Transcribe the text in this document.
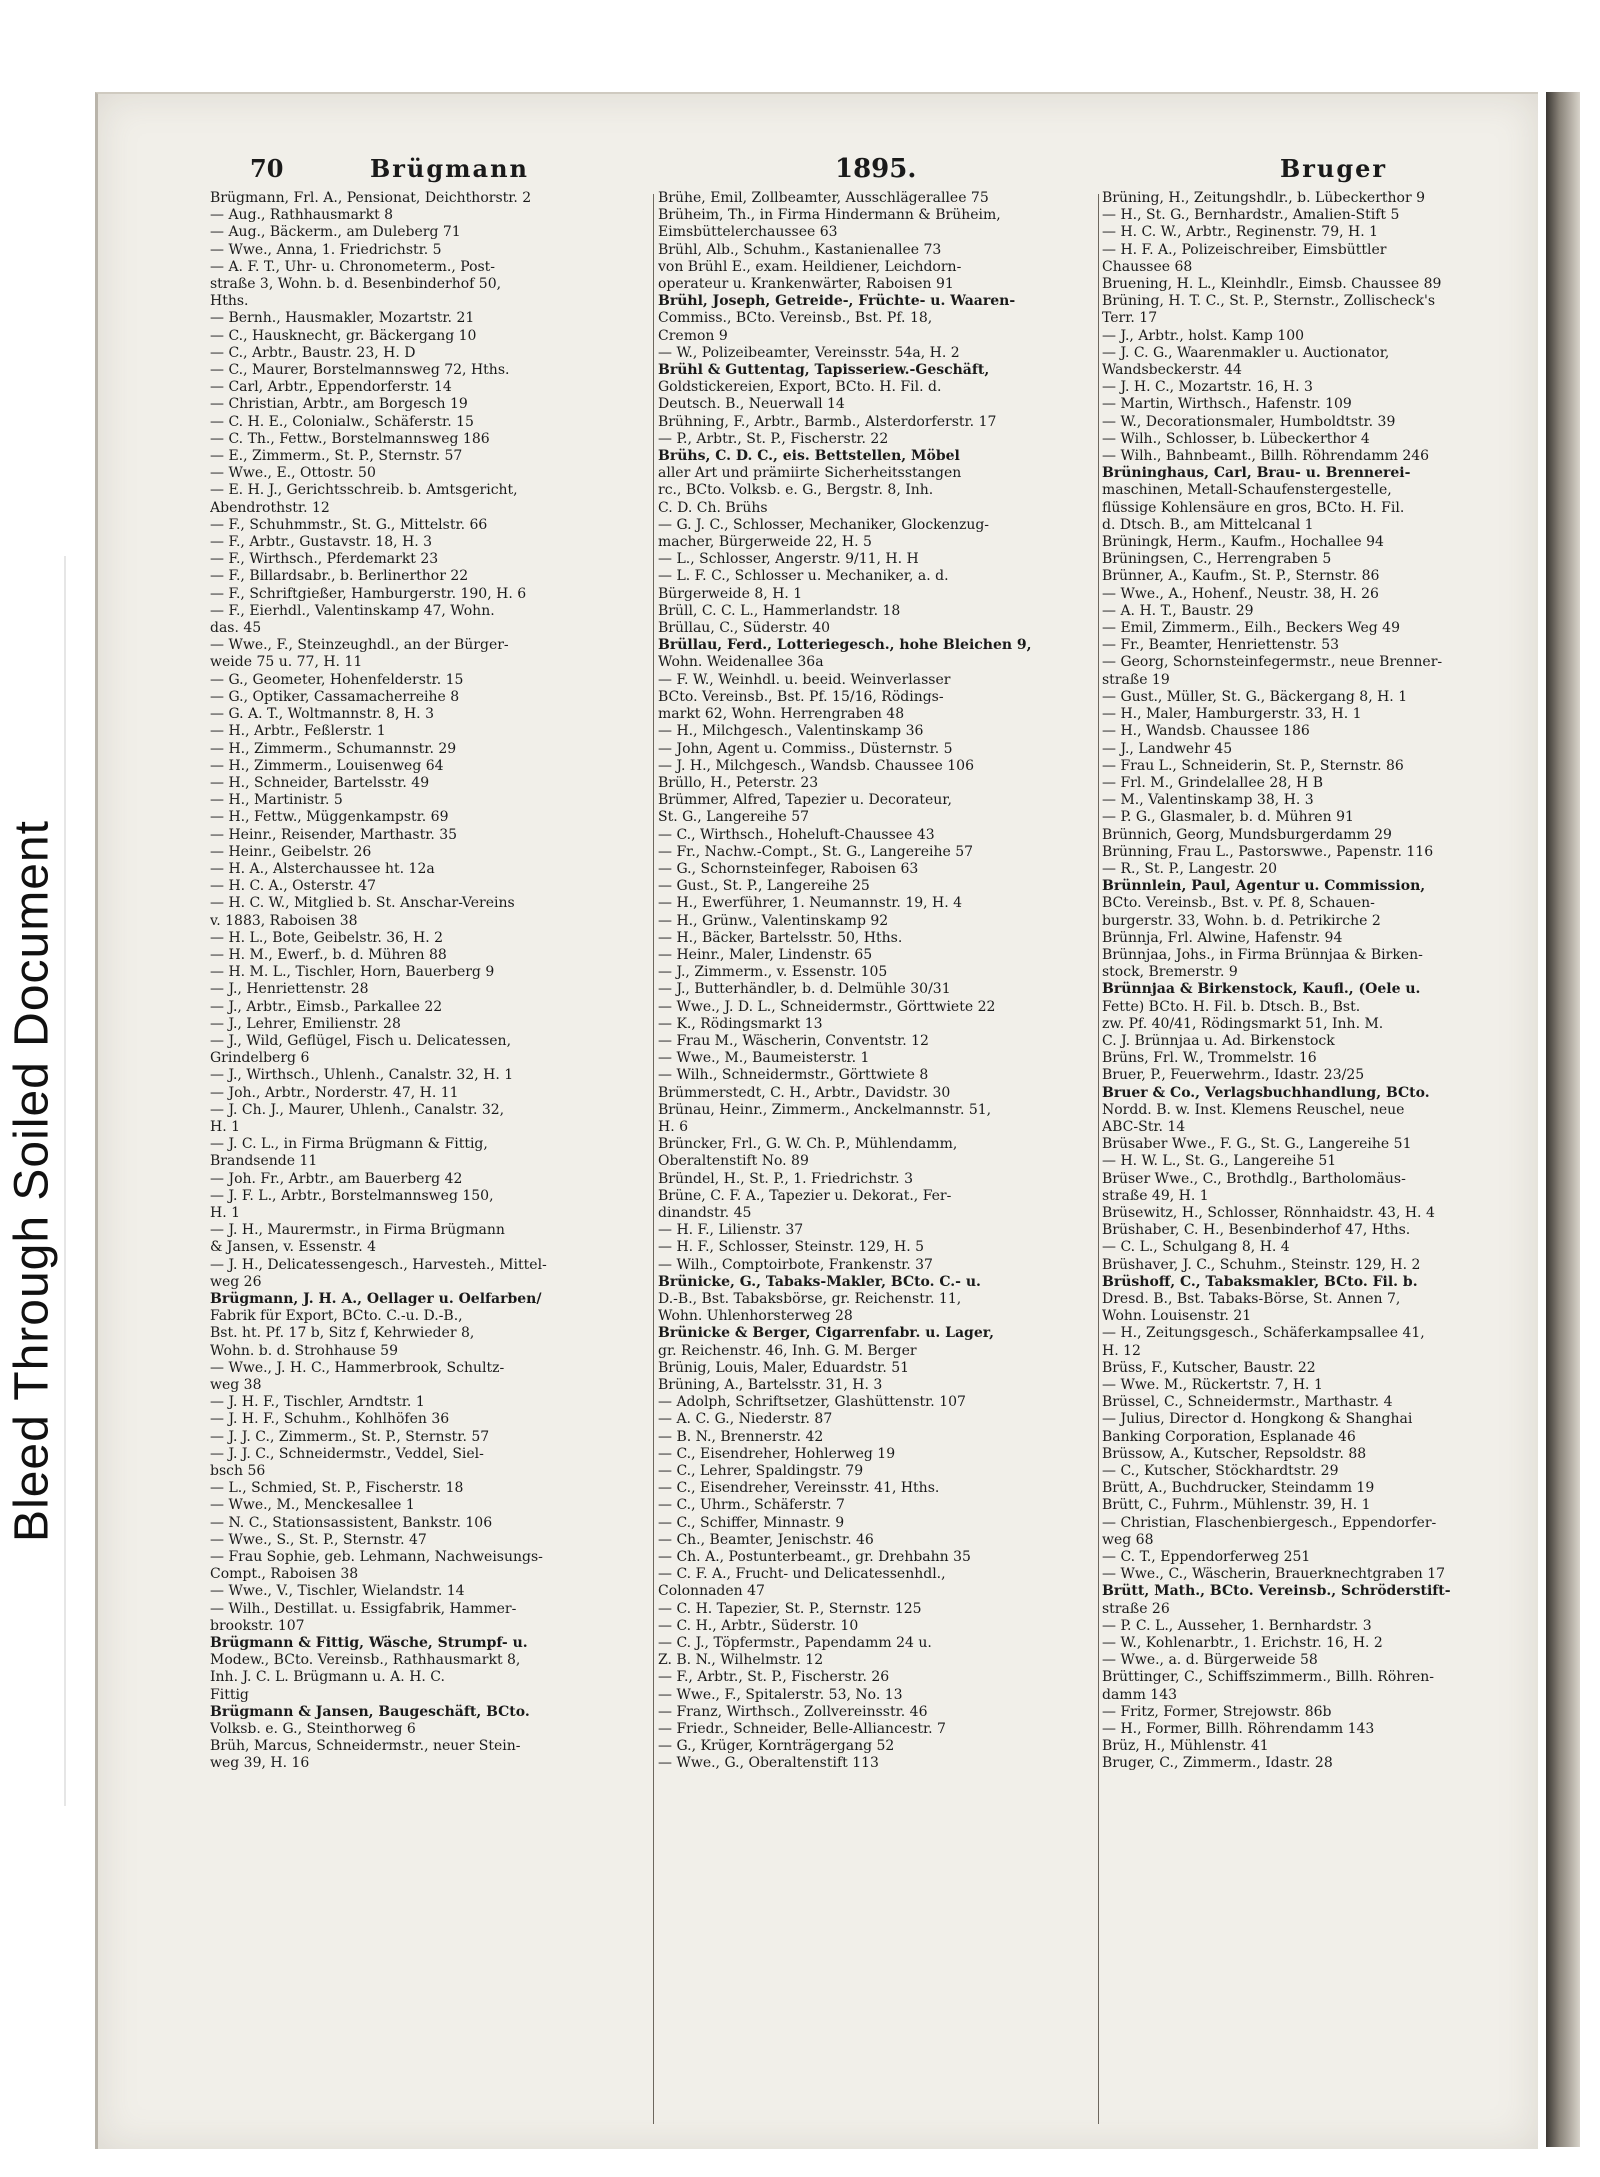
Bleed Through Soiled Document
70	Brügmann	1895.	Bruger

Brügmann, Frl. A., Pensionat, Deichthorstr. 2

— Aug., Rathhausmarkt 8

— Aug., Bäckerm., am Duleberg 71

— Wwe., Anna, 1. Friedrichstr. 5

— A. F. T., Uhr- u. Chronometerm., Post-

straße 3, Wohn. b. d. Besenbinderhof 50,

Hths.

— Bernh., Hausmakler, Mozartstr. 21

— C., Hausknecht, gr. Bäckergang 10

— C., Arbtr., Baustr. 23, H. D

— C., Maurer, Borstelmannsweg 72, Hths.

— Carl, Arbtr., Eppendorferstr. 14

— Christian, Arbtr., am Borgesch 19

— C. H. E., Colonialw., Schäferstr. 15

— C. Th., Fettw., Borstelmannsweg 186

— E., Zimmerm., St. P., Sternstr. 57

— Wwe., E., Ottostr. 50

— E. H. J., Gerichtsschreib. b. Amtsgericht,

Abendrothstr. 12

— F., Schuhmmstr., St. G., Mittelstr. 66

— F., Arbtr., Gustavstr. 18, H. 3

— F., Wirthsch., Pferdemarkt 23

— F., Billardsabr., b. Berlinerthor 22

— F., Schriftgießer, Hamburgerstr. 190, H. 6

— F., Eierhdl., Valentinskamp 47, Wohn.

das. 45

— Wwe., F., Steinzeughdl., an der Bürger-

weide 75 u. 77, H. 11

— G., Geometer, Hohenfelderstr. 15

— G., Optiker, Cassamacherreihe 8

— G. A. T., Woltmannstr. 8, H. 3

— H., Arbtr., Feßlerstr. 1

— H., Zimmerm., Schumannstr. 29

— H., Zimmerm., Louisenweg 64

— H., Schneider, Bartelsstr. 49

— H., Martinistr. 5

— H., Fettw., Müggenkampstr. 69

— Heinr., Reisender, Marthastr. 35

— Heinr., Geibelstr. 26

— H. A., Alsterchaussee ht. 12a

— H. C. A., Osterstr. 47

— H. C. W., Mitglied b. St. Anschar-Vereins

v. 1883, Raboisen 38

— H. L., Bote, Geibelstr. 36, H. 2

— H. M., Ewerf., b. d. Mühren 88

— H. M. L., Tischler, Horn, Bauerberg 9

— J., Henriettenstr. 28

— J., Arbtr., Eimsb., Parkallee 22

— J., Lehrer, Emilienstr. 28

— J., Wild, Geflügel, Fisch u. Delicatessen,

Grindelberg 6

— J., Wirthsch., Uhlenh., Canalstr. 32, H. 1

— Joh., Arbtr., Norderstr. 47, H. 11

— J. Ch. J., Maurer, Uhlenh., Canalstr. 32,

H. 1

— J. C. L., in Firma Brügmann & Fittig,

Brandsende 11

— Joh. Fr., Arbtr., am Bauerberg 42

— J. F. L., Arbtr., Borstelmannsweg 150,

H. 1

— J. H., Maurermstr., in Firma Brügmann

& Jansen, v. Essenstr. 4

— J. H., Delicatessengesch., Harvesteh., Mittel-

weg 26

Brügmann, J. H. A., Oellager u. Oelfarben/

Fabrik für Export, BCto. C.-u. D.-B.,

Bst. ht. Pf. 17 b, Sitz f, Kehrwieder 8,

Wohn. b. d. Strohhause 59

— Wwe., J. H. C., Hammerbrook, Schultz-

weg 38

— J. H. F., Tischler, Arndtstr. 1

— J. H. F., Schuhm., Kohlhöfen 36

— J. J. C., Zimmerm., St. P., Sternstr. 57

— J. J. C., Schneidermstr., Veddel, Siel-

bsch 56

— L., Schmied, St. P., Fischerstr. 18

— Wwe., M., Menckesallee 1

— N. C., Stationsassistent, Bankstr. 106

— Wwe., S., St. P., Sternstr. 47

— Frau Sophie, geb. Lehmann, Nachweisungs-

Compt., Raboisen 38

— Wwe., V., Tischler, Wielandstr. 14

— Wilh., Destillat. u. Essigfabrik, Hammer-

brookstr. 107

Brügmann & Fittig, Wäsche, Strumpf- u.

Modew., BCto. Vereinsb., Rathhausmarkt 8,

Inh. J. C. L. Brügmann u. A. H. C.

Fittig

Brügmann & Jansen, Baugeschäft, BCto.

Volksb. e. G., Steinthorweg 6

Brüh, Marcus, Schneidermstr., neuer Stein-

weg 39, H. 16

Brühe, Emil, Zollbeamter, Ausschlägerallee 75

Brüheim, Th., in Firma Hindermann & Brüheim,

Eimsbüttelerchaussee 63

Brühl, Alb., Schuhm., Kastanienallee 73

von Brühl E., exam. Heildiener, Leichdorn-

operateur u. Krankenwärter, Raboisen 91

Brühl, Joseph, Getreide-, Früchte- u. Waaren-

Commiss., BCto. Vereinsb., Bst. Pf. 18,

Cremon 9

— W., Polizeibeamter, Vereinsstr. 54a, H. 2

Brühl & Guttentag, Tapisseriew.-Geschäft,

Goldstickereien, Export, BCto. H. Fil. d.

Deutsch. B., Neuerwall 14

Brühning, F., Arbtr., Barmb., Alsterdorferstr. 17

— P., Arbtr., St. P., Fischerstr. 22

Brühs, C. D. C., eis. Bettstellen, Möbel

aller Art und prämiirte Sicherheitsstangen

rc., BCto. Volksb. e. G., Bergstr. 8, Inh.

C. D. Ch. Brühs

— G. J. C., Schlosser, Mechaniker, Glockenzug-

macher, Bürgerweide 22, H. 5

— L., Schlosser, Angerstr. 9/11, H. H

— L. F. C., Schlosser u. Mechaniker, a. d.

Bürgerweide 8, H. 1

Brüll, C. C. L., Hammerlandstr. 18

Brüllau, C., Süderstr. 40

Brüllau, Ferd., Lotteriegesch., hohe Bleichen 9,

Wohn. Weidenallee 36a

— F. W., Weinhdl. u. beeid. Weinverlasser

BCto. Vereinsb., Bst. Pf. 15/16, Rödings-

markt 62, Wohn. Herrengraben 48

— H., Milchgesch., Valentinskamp 36

— John, Agent u. Commiss., Düsternstr. 5

— J. H., Milchgesch., Wandsb. Chaussee 106

Brüllo, H., Peterstr. 23

Brümmer, Alfred, Tapezier u. Decorateur,

St. G., Langereihe 57

— C., Wirthsch., Hoheluft-Chaussee 43

— Fr., Nachw.-Compt., St. G., Langereihe 57

— G., Schornsteinfeger, Raboisen 63

— Gust., St. P., Langereihe 25

— H., Ewerführer, 1. Neumannstr. 19, H. 4

— H., Grünw., Valentinskamp 92

— H., Bäcker, Bartelsstr. 50, Hths.

— Heinr., Maler, Lindenstr. 65

— J., Zimmerm., v. Essenstr. 105

— J., Butterhändler, b. d. Delmühle 30/31

— Wwe., J. D. L., Schneidermstr., Görttwiete 22

— K., Rödingsmarkt 13

— Frau M., Wäscherin, Conventstr. 12

— Wwe., M., Baumeisterstr. 1

— Wilh., Schneidermstr., Görttwiete 8

Brümmerstedt, C. H., Arbtr., Davidstr. 30

Brünau, Heinr., Zimmerm., Anckelmannstr. 51,

H. 6

Brüncker, Frl., G. W. Ch. P., Mühlendamm,

Oberaltenstift No. 89

Bründel, H., St. P., 1. Friedrichstr. 3

Brüne, C. F. A., Tapezier u. Dekorat., Fer-

dinandstr. 45

— H. F., Lilienstr. 37

— H. F., Schlosser, Steinstr. 129, H. 5

— Wilh., Comptoirbote, Frankenstr. 37

Brünicke, G., Tabaks-Makler, BCto. C.- u.

D.-B., Bst. Tabaksbörse, gr. Reichenstr. 11,

Wohn. Uhlenhorsterweg 28

Brünicke & Berger, Cigarrenfabr. u. Lager,

gr. Reichenstr. 46, Inh. G. M. Berger

Brünig, Louis, Maler, Eduardstr. 51

Brüning, A., Bartelsstr. 31, H. 3

— Adolph, Schriftsetzer, Glashüttenstr. 107

— A. C. G., Niederstr. 87

— B. N., Brennerstr. 42

— C., Eisendreher, Hohlerweg 19

— C., Lehrer, Spaldingstr. 79

— C., Eisendreher, Vereinsstr. 41, Hths.

— C., Uhrm., Schäferstr. 7

— C., Schiffer, Minnastr. 9

— Ch., Beamter, Jenischstr. 46

— Ch. A., Postunterbeamt., gr. Drehbahn 35

— C. F. A., Frucht- und Delicatessenhdl.,

Colonnaden 47

— C. H. Tapezier, St. P., Sternstr. 125

— C. H., Arbtr., Süderstr. 10

— C. J., Töpfermstr., Papendamm 24 u.

Z. B. N., Wilhelmstr. 12

— F., Arbtr., St. P., Fischerstr. 26

— Wwe., F., Spitalerstr. 53, No. 13

— Franz, Wirthsch., Zollvereinsstr. 46

— Friedr., Schneider, Belle-Alliancestr. 7

— G., Krüger, Kornträgergang 52

— Wwe., G., Oberaltenstift 113

Brüning, H., Zeitungshdlr., b. Lübeckerthor 9

— H., St. G., Bernhardstr., Amalien-Stift 5

— H. C. W., Arbtr., Reginenstr. 79, H. 1

— H. F. A., Polizeischreiber, Eimsbüttler

Chaussee 68

Bruening, H. L., Kleinhdlr., Eimsb. Chaussee 89

Brüning, H. T. C., St. P., Sternstr., Zollischeck's

Terr. 17

— J., Arbtr., holst. Kamp 100

— J. C. G., Waarenmakler u. Auctionator,

Wandsbeckerstr. 44

— J. H. C., Mozartstr. 16, H. 3

— Martin, Wirthsch., Hafenstr. 109

— W., Decorationsmaler, Humboldtstr. 39

— Wilh., Schlosser, b. Lübeckerthor 4

— Wilh., Bahnbeamt., Billh. Röhrendamm 246

Brüninghaus, Carl, Brau- u. Brennerei-

maschinen, Metall-Schaufenstergestelle,

flüssige Kohlensäure en gros, BCto. H. Fil.

d. Dtsch. B., am Mittelcanal 1

Brüningk, Herm., Kaufm., Hochallee 94

Brüningsen, C., Herrengraben 5

Brünner, A., Kaufm., St. P., Sternstr. 86

— Wwe., A., Hohenf., Neustr. 38, H. 26

— A. H. T., Baustr. 29

— Emil, Zimmerm., Eilh., Beckers Weg 49

— Fr., Beamter, Henriettenstr. 53

— Georg, Schornsteinfegermstr., neue Brenner-

straße 19

— Gust., Müller, St. G., Bäckergang 8, H. 1

— H., Maler, Hamburgerstr. 33, H. 1

— H., Wandsb. Chaussee 186

— J., Landwehr 45

— Frau L., Schneiderin, St. P., Sternstr. 86

— Frl. M., Grindelallee 28, H B

— M., Valentinskamp 38, H. 3

— P. G., Glasmaler, b. d. Mühren 91

Brünnich, Georg, Mundsburgerdamm 29

Brünning, Frau L., Pastorswwe., Papenstr. 116

— R., St. P., Langestr. 20

Brünnlein, Paul, Agentur u. Commission,

BCto. Vereinsb., Bst. v. Pf. 8, Schauen-

burgerstr. 33, Wohn. b. d. Petrikirche 2

Brünnja, Frl. Alwine, Hafenstr. 94

Brünnjaa, Johs., in Firma Brünnjaa & Birken-

stock, Bremerstr. 9

Brünnjaa & Birkenstock, Kaufl., (Oele u.

Fette) BCto. H. Fil. b. Dtsch. B., Bst.

zw. Pf. 40/41, Rödingsmarkt 51, Inh. M.

C. J. Brünnjaa u. Ad. Birkenstock

Brüns, Frl. W., Trommelstr. 16

Bruer, P., Feuerwehrm., Idastr. 23/25

Bruer & Co., Verlagsbuchhandlung, BCto.

Nordd. B. w. Inst. Klemens Reuschel, neue

ABC-Str. 14

Brüsaber Wwe., F. G., St. G., Langereihe 51

— H. W. L., St. G., Langereihe 51

Brüser Wwe., C., Brothdlg., Bartholomäus-

straße 49, H. 1

Brüsewitz, H., Schlosser, Rönnhaidstr. 43, H. 4

Brüshaber, C. H., Besenbinderhof 47, Hths.

— C. L., Schulgang 8, H. 4

Brüshaver, J. C., Schuhm., Steinstr. 129, H. 2

Brüshoff, C., Tabaksmakler, BCto. Fil. b.

Dresd. B., Bst. Tabaks-Börse, St. Annen 7,

Wohn. Louisenstr. 21

— H., Zeitungsgesch., Schäferkampsallee 41,

H. 12

Brüss, F., Kutscher, Baustr. 22

— Wwe. M., Rückertstr. 7, H. 1

Brüssel, C., Schneidermstr., Marthastr. 4

— Julius, Director d. Hongkong & Shanghai

Banking Corporation, Esplanade 46

Brüssow, A., Kutscher, Repsoldstr. 88

— C., Kutscher, Stöckhardtstr. 29

Brütt, A., Buchdrucker, Steindamm 19

Brütt, C., Fuhrm., Mühlenstr. 39, H. 1

— Christian, Flaschenbiergesch., Eppendorfer-

weg 68

— C. T., Eppendorferweg 251

— Wwe., C., Wäscherin, Brauerknechtgraben 17

Brütt, Math., BCto. Vereinsb., Schröderstift-

straße 26

— P. C. L., Ausseher, 1. Bernhardstr. 3

— W., Kohlenarbtr., 1. Erichstr. 16, H. 2

— Wwe., a. d. Bürgerweide 58

Brüttinger, C., Schiffszimmerm., Billh. Röhren-

damm 143

— Fritz, Former, Strejowstr. 86b

— H., Former, Billh. Röhrendamm 143

Brüz, H., Mühlenstr. 41

Bruger, C., Zimmerm., Idastr. 28
